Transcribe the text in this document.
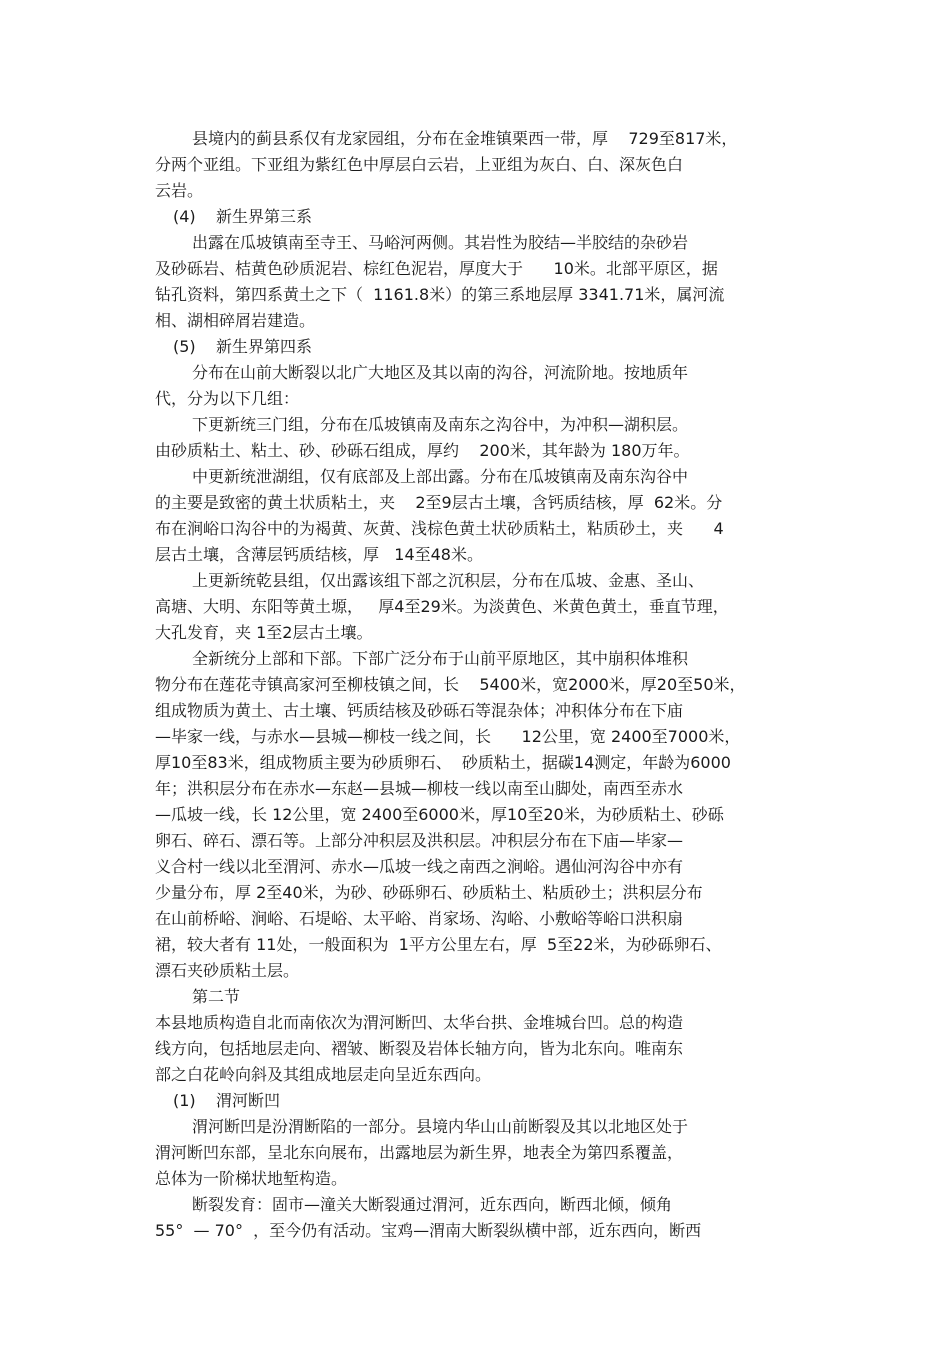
县境内的蓟县系仅有龙家园组，分布在金堆镇栗西一带，厚    729至817米，
分两个亚组。下亚组为紫红色中厚层白云岩，上亚组为灰白、白、深灰色白
云岩。
(4)    新生界第三系
出露在瓜坡镇南至寺王、马峪河两侧。其岩性为胶结—半胶结的杂砂岩
及砂砾岩、桔黄色砂质泥岩、棕红色泥岩，厚度大于      10米。北部平原区，据
钻孔资料，第四系黄土之下（  1161.8米）的第三系地层厚 3341.71米，属河流
相、湖相碎屑岩建造。
(5)    新生界第四系
分布在山前大断裂以北广大地区及其以南的沟谷，河流阶地。按地质年
代，分为以下几组：
下更新统三门组，分布在瓜坡镇南及南东之沟谷中，为冲积—湖积层。
由砂质粘土、粘土、砂、砂砾石组成，厚约    200米，其年龄为 180万年。
中更新统泄湖组，仅有底部及上部出露。分布在瓜坡镇南及南东沟谷中
的主要是致密的黄土状质粘土，夹    2至9层古土壤，含钙质结核，厚  62米。分
布在涧峪口沟谷中的为褐黄、灰黄、浅棕色黄土状砂质粘土，粘质砂土，夹      4
层古土壤，含薄层钙质结核，厚   14至48米。
上更新统乾县组，仅出露该组下部之沉积层，分布在瓜坡、金惠、圣山、
高塘、大明、东阳等黄土塬，   厚4至29米。为淡黄色、米黄色黄土，垂直节理，
大孔发育，夹 1至2层古土壤。
全新统分上部和下部。下部广泛分布于山前平原地区，其中崩积体堆积
物分布在莲花寺镇高家河至柳枝镇之间，长    5400米，宽2000米，厚20至50米，
组成物质为黄土、古土壤、钙质结核及砂砾石等混杂体；冲积体分布在下庙
—毕家一线，与赤水—县城—柳枝一线之间，长      12公里，宽 2400至7000米，
厚10至83米，组成物质主要为砂质卵石、  砂质粘土，据碳14测定，年龄为6000
年；洪积层分布在赤水—东赵—县城—柳枝一线以南至山脚处，南西至赤水
—瓜坡一线，长 12公里，宽 2400至6000米，厚10至20米，为砂质粘土、砂砾
卵石、碎石、漂石等。上部分冲积层及洪积层。冲积层分布在下庙—毕家—
义合村一线以北至渭河、赤水—瓜坡一线之南西之涧峪。遇仙河沟谷中亦有
少量分布，厚 2至40米，为砂、砂砾卵石、砂质粘土、粘质砂土；洪积层分布
在山前桥峪、涧峪、石堤峪、太平峪、肖家场、沟峪、小敷峪等峪口洪积扇
裙，较大者有 11处，一般面积为  1平方公里左右，厚  5至22米，为砂砾卵石、
漂石夹砂质粘土层。
第二节
本县地质构造自北而南依次为渭河断凹、太华台拱、金堆城台凹。总的构造
线方向，包括地层走向、褶皱、断裂及岩体长轴方向，皆为北东向。唯南东
部之白花岭向斜及其组成地层走向呈近东西向。
(1)    渭河断凹
渭河断凹是汾渭断陷的一部分。县境内华山山前断裂及其以北地区处于
渭河断凹东部，呈北东向展布，出露地层为新生界，地表全为第四系覆盖，
总体为一阶梯状地堑构造。
断裂发育：固市—潼关大断裂通过渭河，近东西向，断西北倾，倾角
55°  — 70°  ，至今仍有活动。宝鸡—渭南大断裂纵横中部，近东西向，断西
